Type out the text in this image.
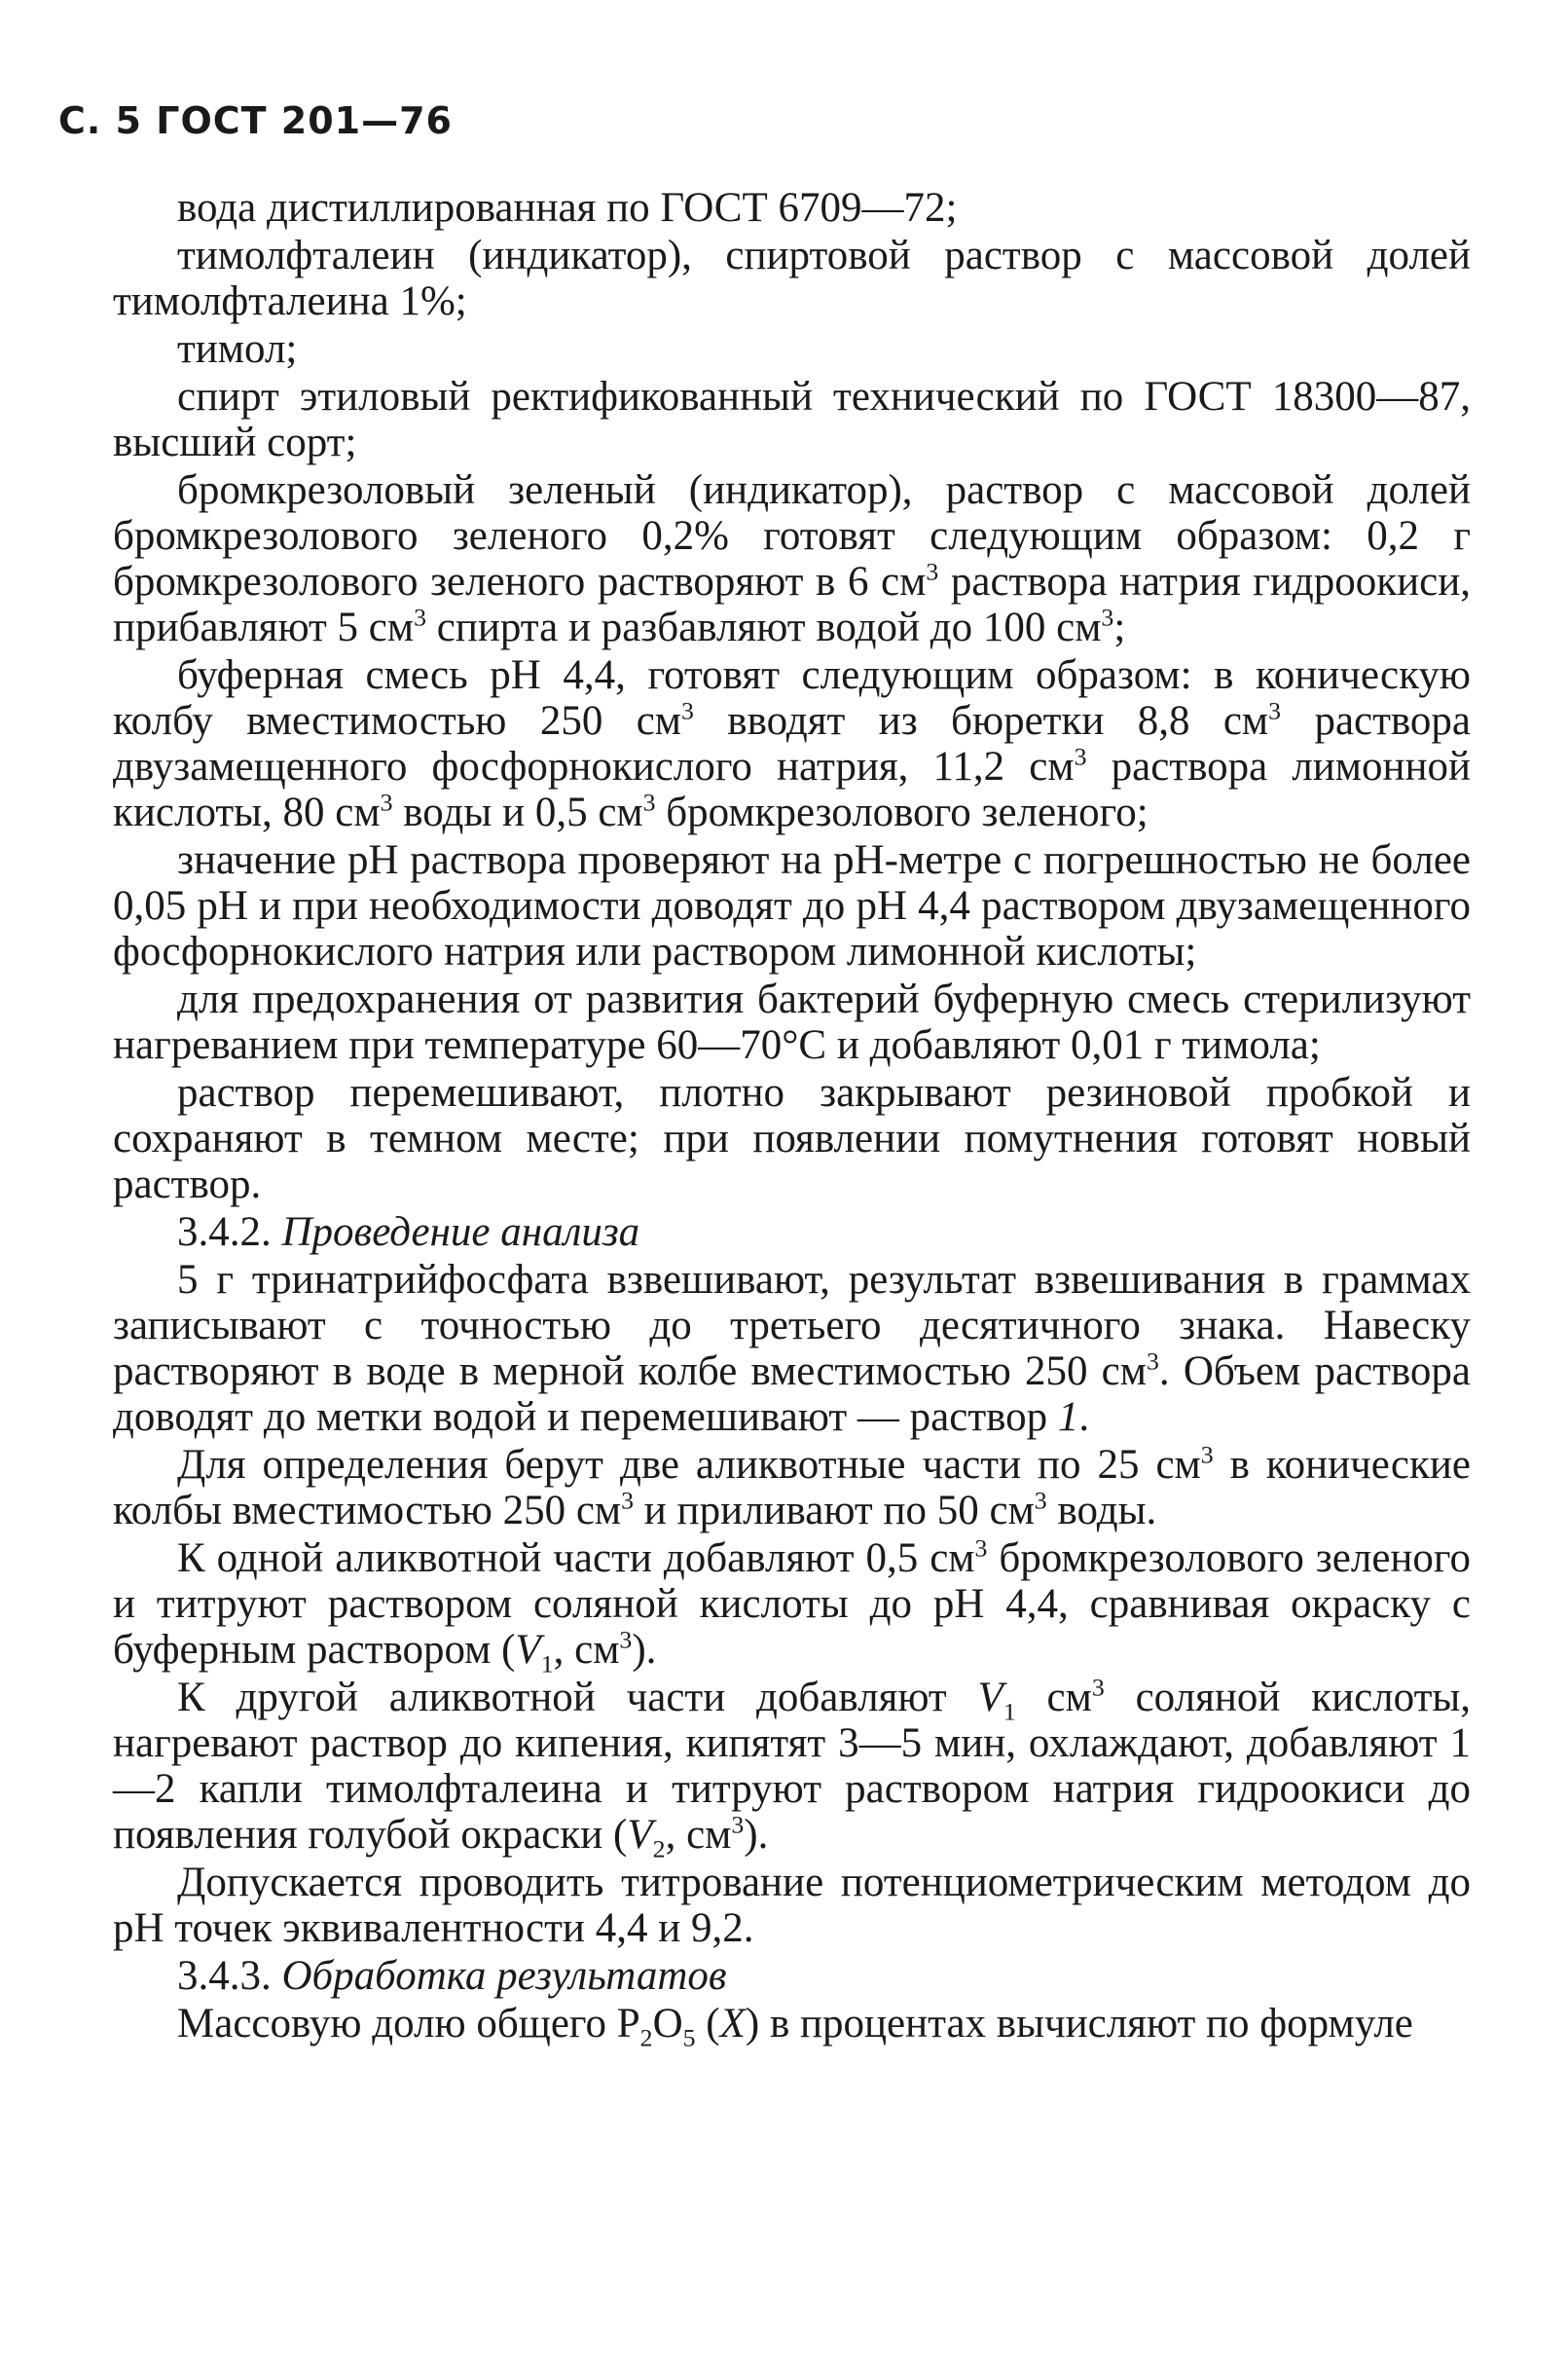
С. 5 ГОСТ 201—76

вода дистиллированная по ГОСТ 6709—72;

тимолфталеин (индикатор), спиртовой раствор с массовой долей тимолфталеина 1%;

тимол;

спирт этиловый ректификованный технический по ГОСТ 18300—87, высший сорт;

бромкрезоловый зеленый (индикатор), раствор с массовой долей бромкрезолового зеленого 0,2% готовят следующим образом: 0,2 г бромкрезолового зеленого растворяют в 6 $см^3$ раствора натрия гидроокиси, прибавляют 5 $см^3$ спирта и разбавляют водой до 100 $см^3$;

буферная смесь pH 4,4, готовят следующим образом: в коническую колбу вместимостью 250 $см^3$ вводят из бюретки 8,8 $см^3$ раствора двузамещенного фосфорнокислого натрия, 11,2 $см^3$ раствора лимонной кислоты, 80 $см^3$ воды и 0,5 $см^3$ бромкрезолового зеленого;

значение pH раствора проверяют на pH-метре с погрешностью не более 0,05 pH и при необходимости доводят до pH 4,4 раствором двузамещенного фосфорнокислого натрия или раствором лимонной кислоты;

для предохранения от развития бактерий буферную смесь стерилизуют нагреванием при температуре 60—70°С и добавляют 0,01 г тимола;

раствор перемешивают, плотно закрывают резиновой пробкой и сохраняют в темном месте; при появлении помутнения готовят новый раствор.

3.4.2. Проведение анализа

5 г тринатрийфосфата взвешивают, результат взвешивания в граммах записывают с точностью до третьего десятичного знака. Навеску растворяют в воде в мерной колбе вместимостью 250 $см^3$. Объем раствора доводят до метки водой и перемешивают — раствор 1.

Для определения берут две аликвотные части по 25 $см^3$ в конические колбы вместимостью 250 $см^3$ и приливают по 50 $см^3$ воды.

К одной аликвотной части добавляют 0,5 $см^3$ бромкрезолового зеленого и титруют раствором соляной кислоты до pH 4,4, сравнивая окраску с буферным раствором ($V_1$, $см^3$).

К другой аликвотной части добавляют $V_1$ $см^3$ соляной кислоты, нагревают раствор до кипения, кипятят 3—5 мин, охлаждают, добавляют 1—2 капли тимолфталеина и титруют раствором натрия гидроокиси до появления голубой окраски ($V_2$, $см^3$).

Допускается проводить титрование потенциометрическим методом до pH точек эквивалентности 4,4 и 9,2.

3.4.3. Обработка результатов

Массовую долю общего $P_2O_5$ (X) в процентах вычисляют по формуле
